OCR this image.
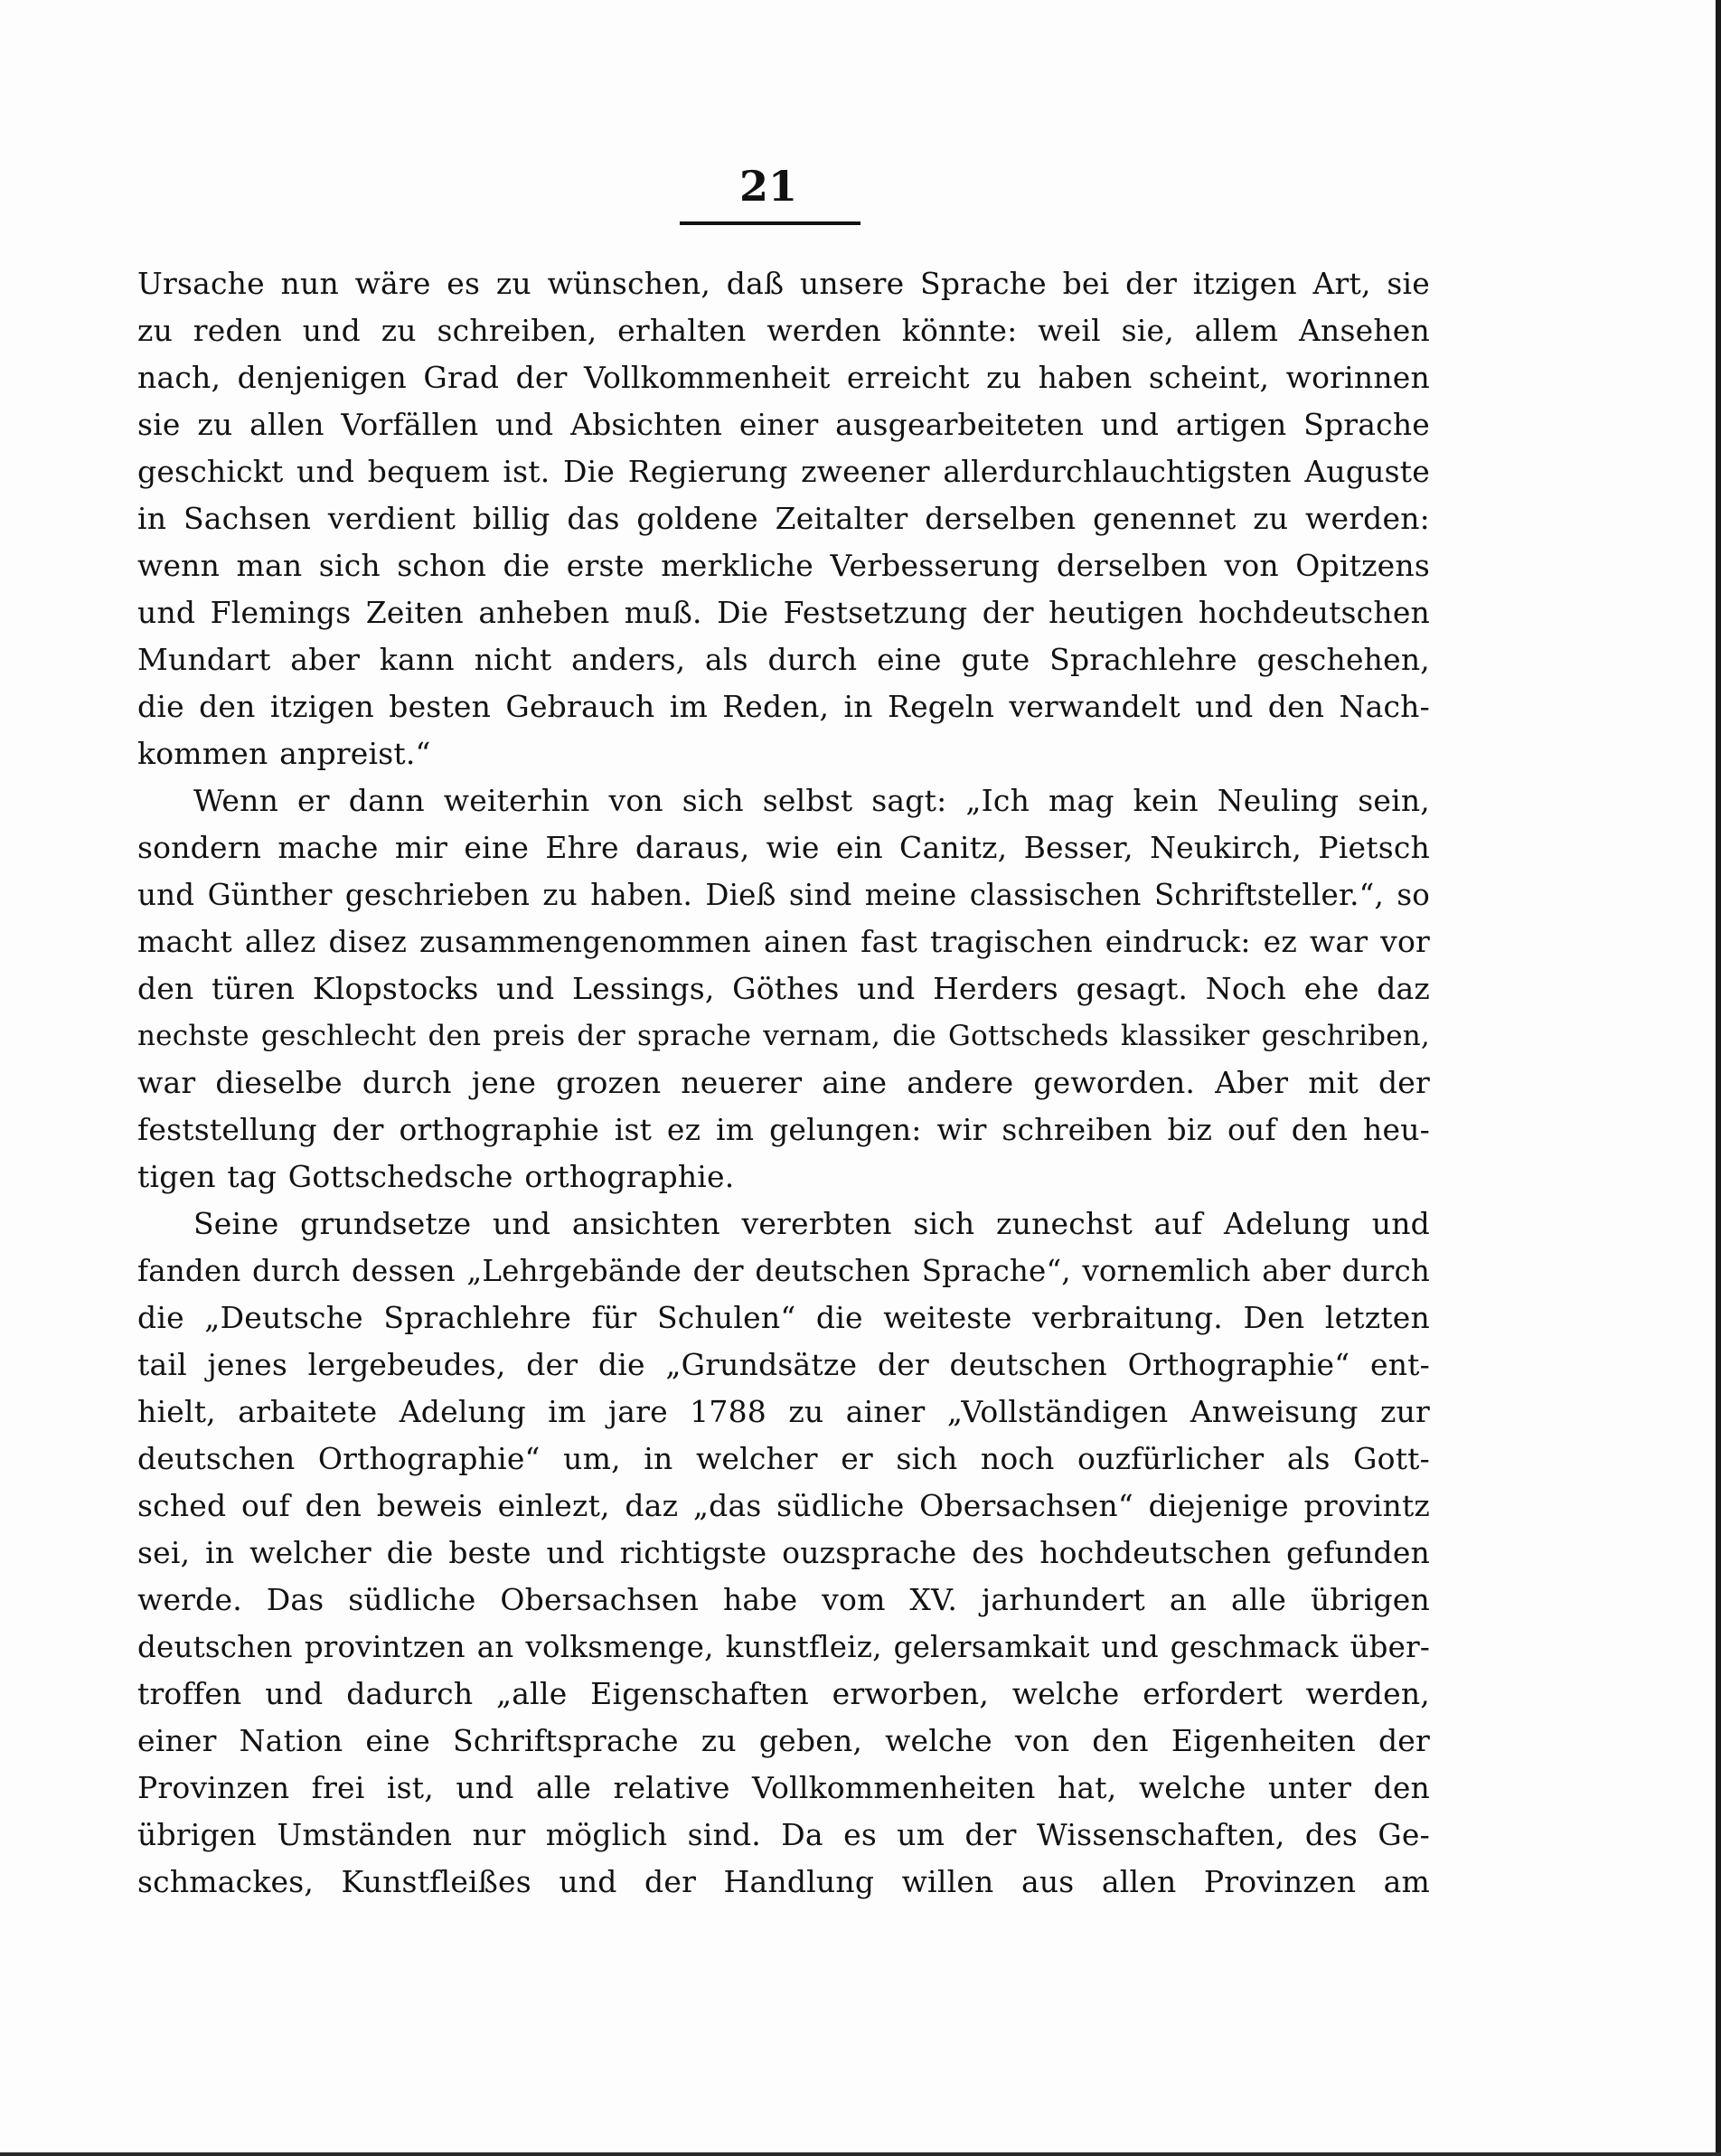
21
Ursache nun wäre es zu wünschen, daß unsere Sprache bei der itzigen Art, sie
zu reden und zu schreiben, erhalten werden könnte: weil sie, allem Ansehen
nach, denjenigen Grad der Vollkommenheit erreicht zu haben scheint, worinnen
sie zu allen Vorfällen und Absichten einer ausgearbeiteten und artigen Sprache
geschickt und bequem ist. Die Regierung zweener allerdurchlauchtigsten Auguste
in Sachsen verdient billig das goldene Zeitalter derselben genennet zu werden:
wenn man sich schon die erste merkliche Verbesserung derselben von Opitzens
und Flemings Zeiten anheben muß. Die Festsetzung der heutigen hochdeutschen
Mundart aber kann nicht anders, als durch eine gute Sprachlehre geschehen,
die den itzigen besten Gebrauch im Reden, in Regeln verwandelt und den Nach-
kommen anpreist.“
Wenn er dann weiterhin von sich selbst sagt: „Ich mag kein Neuling sein,
sondern mache mir eine Ehre daraus, wie ein Canitz, Besser, Neukirch, Pietsch
und Günther geschrieben zu haben. Dieß sind meine classischen Schriftsteller.“, so
macht allez disez zusammengenommen ainen fast tragischen eindruck: ez war vor
den türen Klopstocks und Lessings, Göthes und Herders gesagt. Noch ehe daz
nechste geschlecht den preis der sprache vernam, die Gottscheds klassiker geschriben,
war dieselbe durch jene grozen neuerer aine andere geworden. Aber mit der
feststellung der orthographie ist ez im gelungen: wir schreiben biz ouf den heu-
tigen tag Gottschedsche orthographie.
Seine grundsetze und ansichten vererbten sich zunechst auf Adelung und
fanden durch dessen „Lehrgebände der deutschen Sprache“, vornemlich aber durch
die „Deutsche Sprachlehre für Schulen“ die weiteste verbraitung. Den letzten
tail jenes lergebeudes, der die „Grundsätze der deutschen Orthographie“ ent-
hielt, arbaitete Adelung im jare 1788 zu ainer „Vollständigen Anweisung zur
deutschen Orthographie“ um, in welcher er sich noch ouzfürlicher als Gott-
sched ouf den beweis einlezt, daz „das südliche Obersachsen“ diejenige provintz
sei, in welcher die beste und richtigste ouzsprache des hochdeutschen gefunden
werde. Das südliche Obersachsen habe vom XV. jarhundert an alle übrigen
deutschen provintzen an volksmenge, kunstfleiz, gelersamkait und geschmack über-
troffen und dadurch „alle Eigenschaften erworben, welche erfordert werden,
einer Nation eine Schriftsprache zu geben, welche von den Eigenheiten der
Provinzen frei ist, und alle relative Vollkommenheiten hat, welche unter den
übrigen Umständen nur möglich sind. Da es um der Wissenschaften, des Ge-
schmackes, Kunstfleißes und der Handlung willen aus allen Provinzen am
